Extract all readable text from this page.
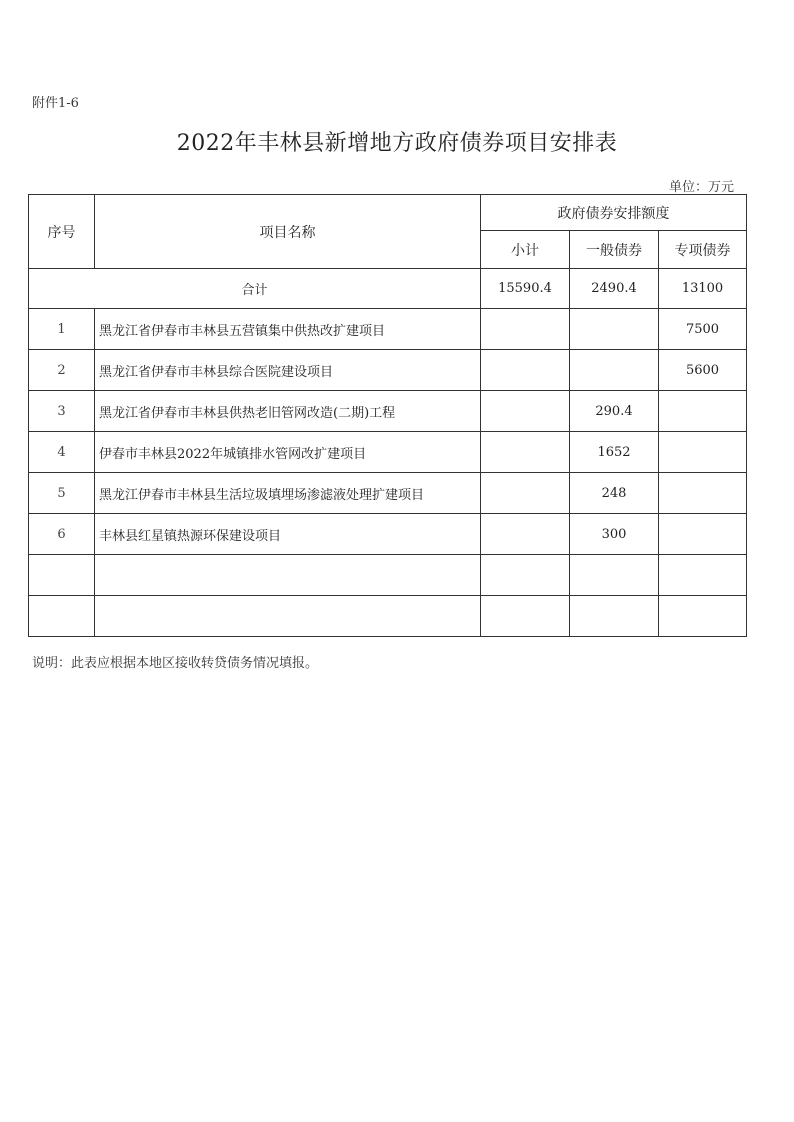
附件1-6
2022年丰林县新增地方政府债券项目安排表
单位：万元
序号	项目名称	政府债券安排额度		
		小计	一般债券	专项债券
合计		15590.4	2490.4	13100
1	黑龙江省伊春市丰林县五营镇集中供热改扩建项目			7500
2	黑龙江省伊春市丰林县综合医院建设项目			5600
3	黑龙江省伊春市丰林县供热老旧管网改造(二期)工程		290.4	
4	伊春市丰林县2022年城镇排水管网改扩建项目		1652	
5	黑龙江伊春市丰林县生活垃圾填埋场渗滤液处理扩建项目		248	
6	丰林县红星镇热源环保建设项目		300	

说明：此表应根据本地区接收转贷债务情况填报。
